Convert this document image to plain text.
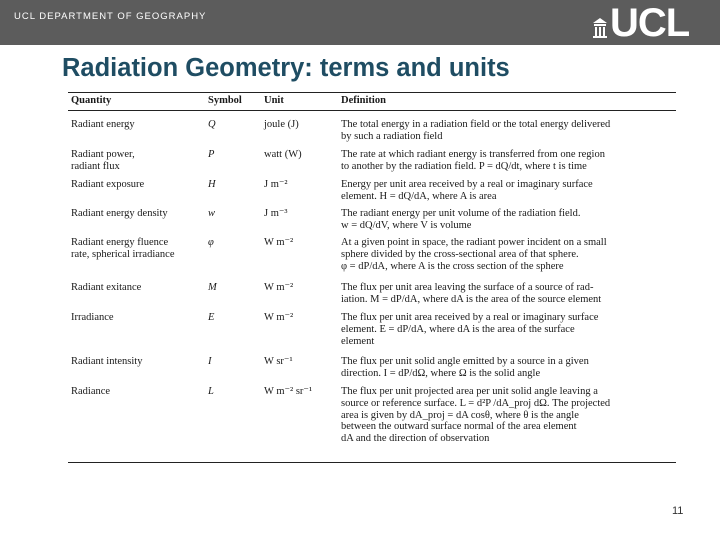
UCL DEPARTMENT OF GEOGRAPHY	UCL
Radiation Geometry: terms and units
Quantity	Symbol	Unit	Definition
Radiant energy	Q	joule (J)	The total energy in a radiation field or the total energy delivered
by such a radiation field
Radiant power,
radiant flux
P	watt (W)	The rate at which radiant energy is transferred from one region
to another by the radiation field. P = dQ/dt, where t is time
Radiant exposure	H	J m⁻²	Energy per unit area received by a real or imaginary surface
element. H = dQ/dA, where A is area
Radiant energy density	w	J m⁻³	The radiant energy per unit volume of the radiation field.
w = dQ/dV, where V is volume
Radiant energy fluence
rate, spherical irradiance
φ	W m⁻²	At a given point in space, the radiant power incident on a small
sphere divided by the cross-sectional area of that sphere.
φ = dP/dA, where A is the cross section of the sphere
Radiant exitance	M	W m⁻²	The flux per unit area leaving the surface of a source of rad-
iation. M = dP/dA, where dA is the area of the source element
Irradiance	E	W m⁻²	The flux per unit area received by a real or imaginary surface
element. E = dP/dA, where dA is the area of the surface
element
Radiant intensity	I	W sr⁻¹	The flux per unit solid angle emitted by a source in a given
direction. I = dP/dΩ, where Ω is the solid angle
Radiance	L	W m⁻² sr⁻¹	The flux per unit projected area per unit solid angle leaving a
source or reference surface. L = d²P /dA_proj dΩ. The projected
area is given by dA_proj = dA cosθ, where θ is the angle
between the outward surface normal of the area element
dA and the direction of observation
11
